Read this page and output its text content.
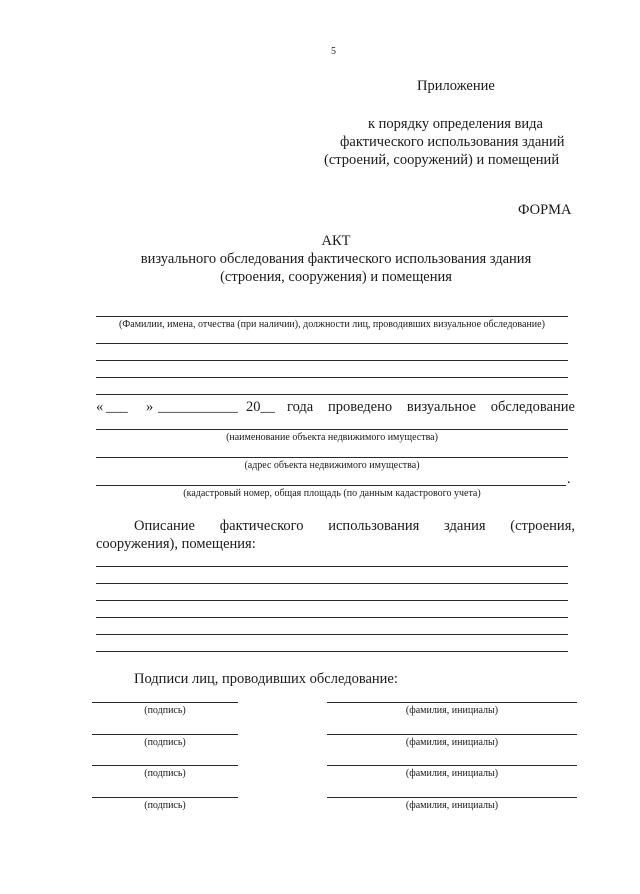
5
Приложение
к порядку определения вида
фактического использования зданий
(строений, сооружений) и помещений
ФОРМА
АКТ
визуального обследования фактического использования здания
(строения, сооружения) и помещения
(Фамилии, имена, отчества (при наличии), должности лиц, проводивших визуальное обследование)
« ___ » ___________ 20__ года проведено визуальное обследование
(наименование объекта недвижимого имущества)
(адрес объекта недвижимого имущества)
.
(кадастровый номер, общая площадь (по данным кадастрового учета)
Описание фактического использования здания (строения,
сооружения), помещения:
Подписи лиц, проводивших обследование:
(подпись)	(фамилия, инициалы)
(подпись)	(фамилия, инициалы)
(подпись)	(фамилия, инициалы)
(подпись)	(фамилия, инициалы)
